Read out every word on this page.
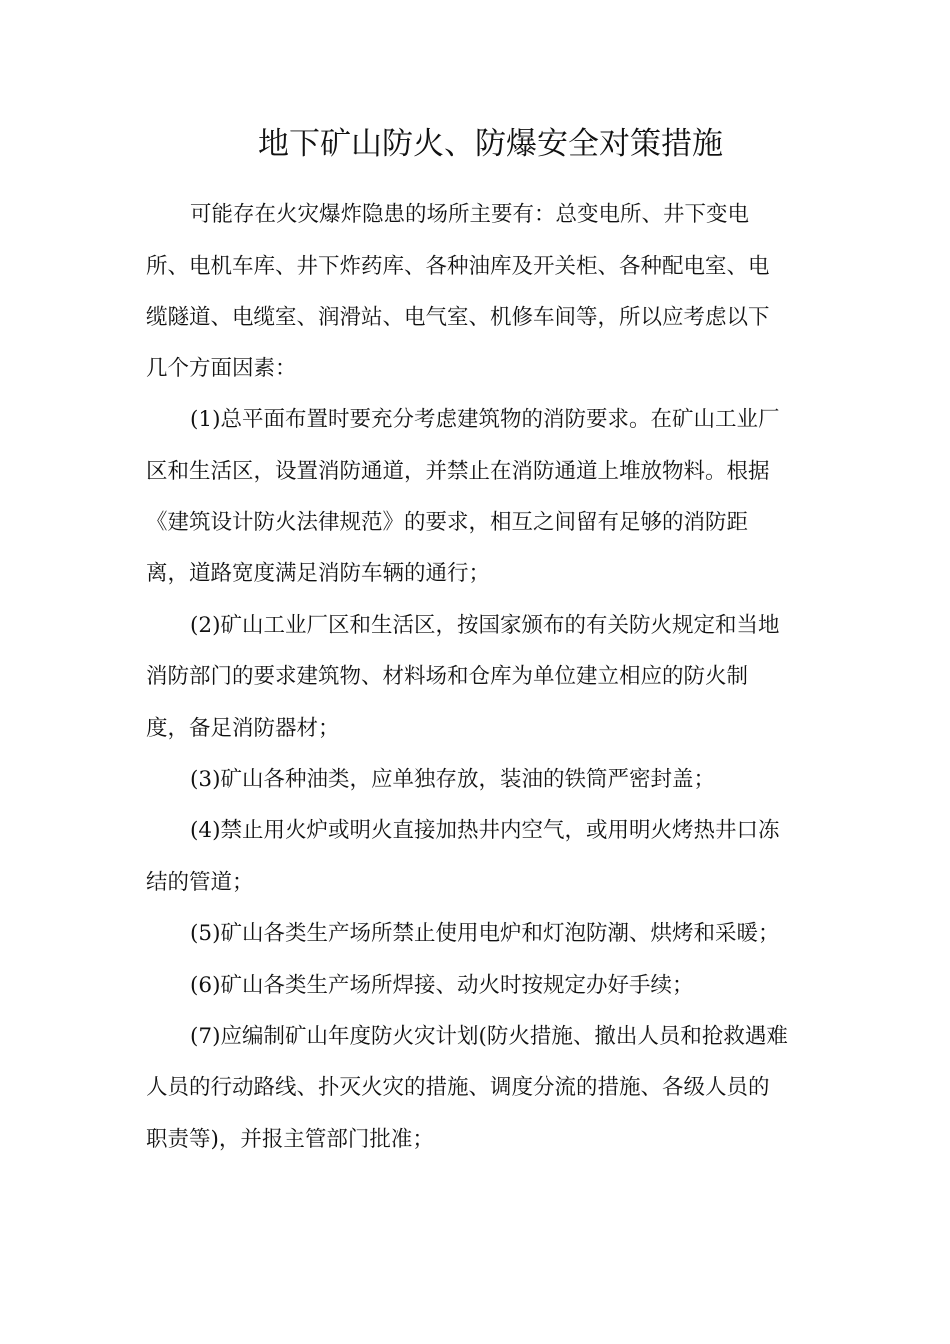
地下矿山防火、防爆安全对策措施
可能存在火灾爆炸隐患的场所主要有：总变电所、井下变电
所、电机车库、井下炸药库、各种油库及开关柜、各种配电室、电
缆隧道、电缆室、润滑站、电气室、机修车间等，所以应考虑以下
几个方面因素：
(1)总平面布置时要充分考虑建筑物的消防要求。在矿山工业厂
区和生活区，设置消防通道，并禁止在消防通道上堆放物料。根据
《建筑设计防火法律规范》的要求，相互之间留有足够的消防距
离，道路宽度满足消防车辆的通行；
(2)矿山工业厂区和生活区，按国家颁布的有关防火规定和当地
消防部门的要求建筑物、材料场和仓库为单位建立相应的防火制
度，备足消防器材；
(3)矿山各种油类，应单独存放，装油的铁筒严密封盖；
(4)禁止用火炉或明火直接加热井内空气，或用明火烤热井口冻
结的管道；
(5)矿山各类生产场所禁止使用电炉和灯泡防潮、烘烤和采暖；
(6)矿山各类生产场所焊接、动火时按规定办好手续；
(7)应编制矿山年度防火灾计划(防火措施、撤出人员和抢救遇难
人员的行动路线、扑灭火灾的措施、调度分流的措施、各级人员的
职责等)，并报主管部门批准；
